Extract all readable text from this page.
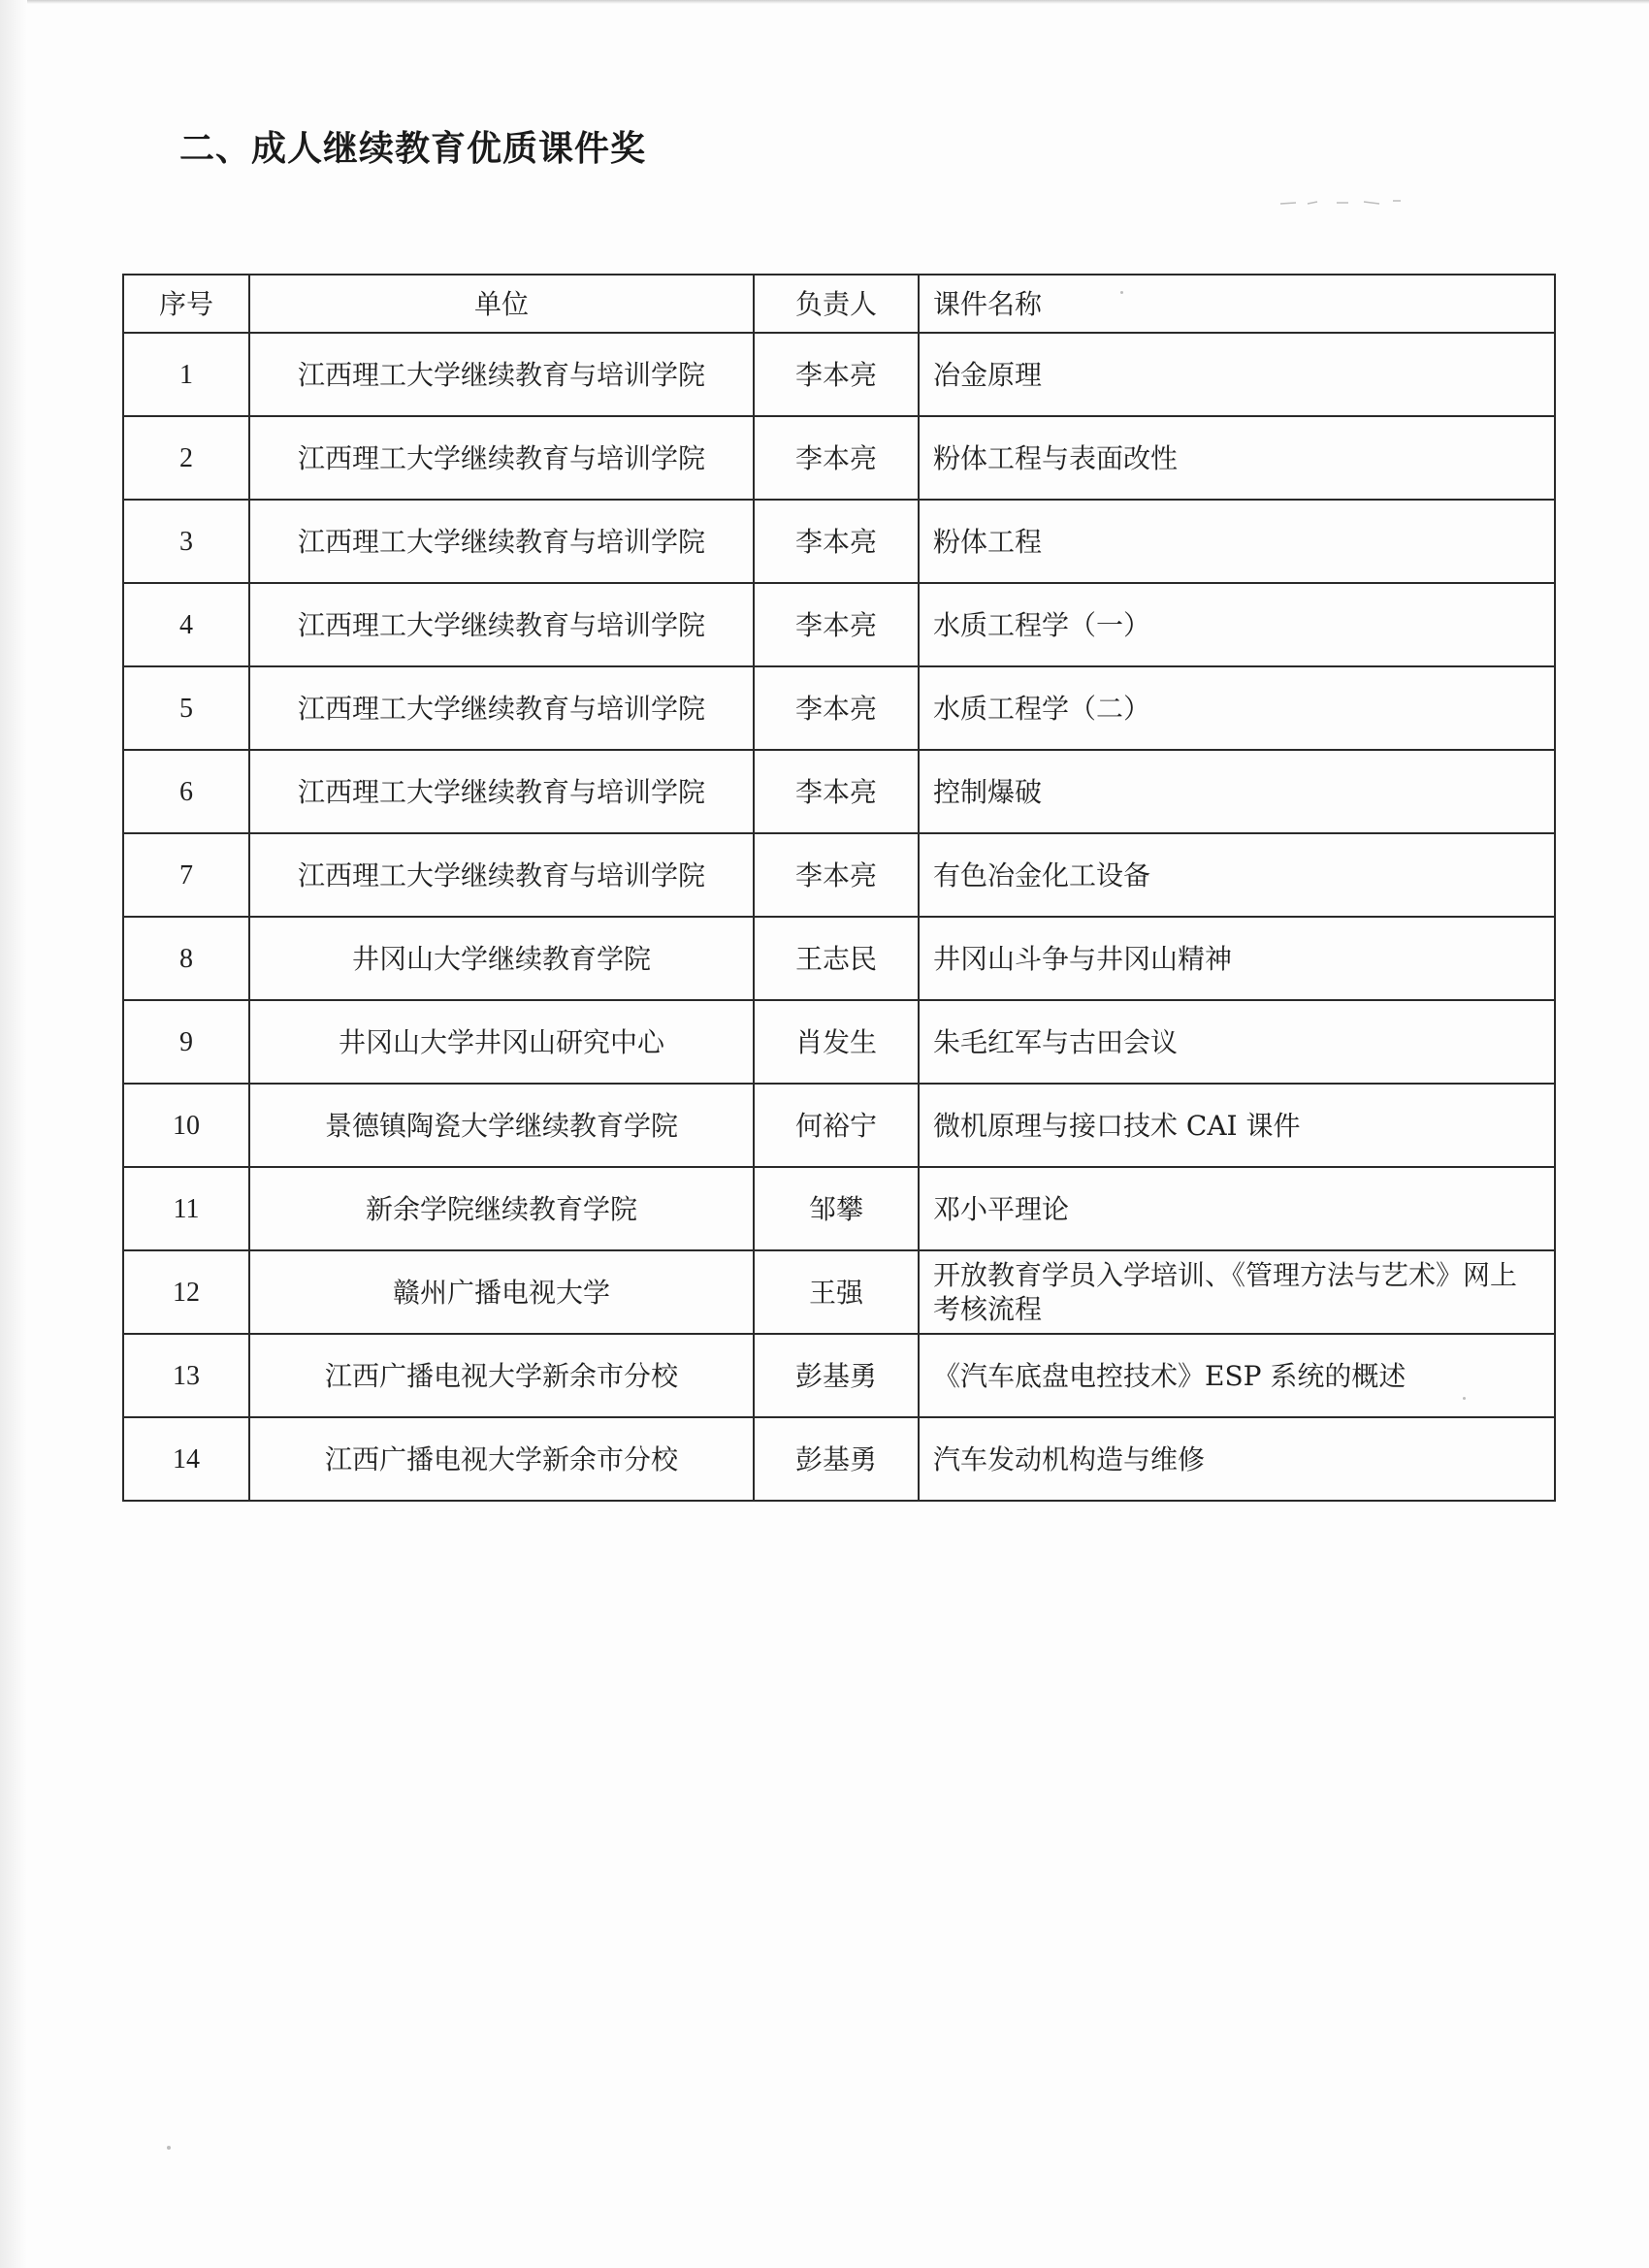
二、成人继续教育优质课件奖
序号	单位	负责人	课件名称
1	江西理工大学继续教育与培训学院	李本亮	冶金原理
2	江西理工大学继续教育与培训学院	李本亮	粉体工程与表面改性
3	江西理工大学继续教育与培训学院	李本亮	粉体工程
4	江西理工大学继续教育与培训学院	李本亮	水质工程学（一）
5	江西理工大学继续教育与培训学院	李本亮	水质工程学（二）
6	江西理工大学继续教育与培训学院	李本亮	控制爆破
7	江西理工大学继续教育与培训学院	李本亮	有色冶金化工设备
8	井冈山大学继续教育学院	王志民	井冈山斗争与井冈山精神
9	井冈山大学井冈山研究中心	肖发生	朱毛红军与古田会议
10	景德镇陶瓷大学继续教育学院	何裕宁	微机原理与接口技术 CAI 课件
11	新余学院继续教育学院	邹攀	邓小平理论
12	赣州广播电视大学	王强	开放教育学员入学培训、《管理方法与艺术》网上考核流程
13	江西广播电视大学新余市分校	彭基勇	《汽车底盘电控技术》ESP 系统的概述
14	江西广播电视大学新余市分校	彭基勇	汽车发动机构造与维修
